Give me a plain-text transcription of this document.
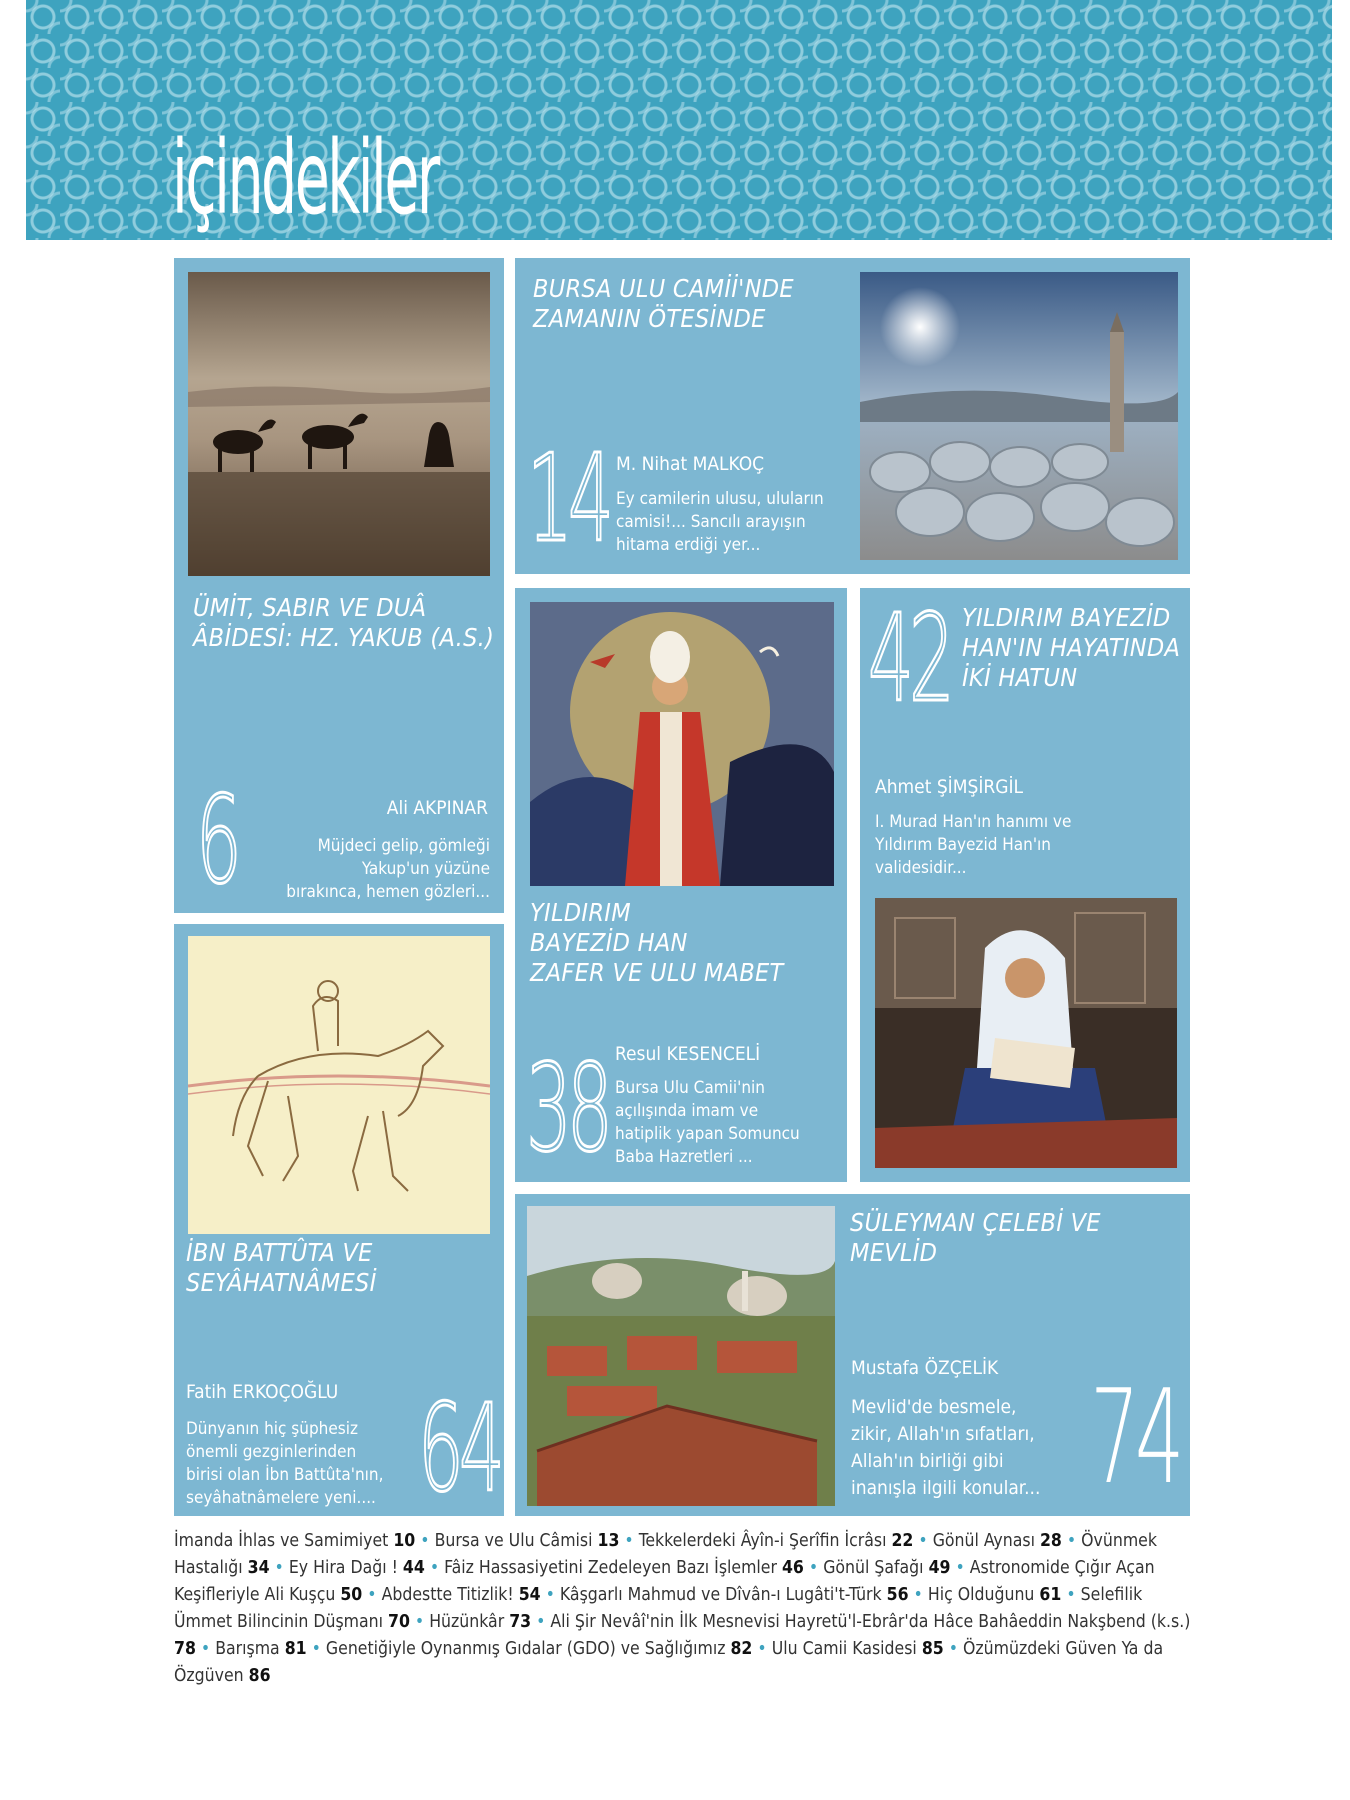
içindekiler
ÜMİT, SABIR VE DUÂ
ÂBİDESİ: HZ. YAKUB (A.S.)
6	Ali AKPINAR
Müjdeci gelip, gömleği
Yakup'un yüzüne
bırakınca, hemen gözleri...
BURSA ULU CAMİİ'NDE
ZAMANIN ÖTESİNDE
14 M. Nihat MALKOÇ
Ey camilerin ulusu, uluların
camisi!... Sancılı arayışın
hitama erdiği yer...
YILDIRIM
BAYEZİD HAN
ZAFER VE ULU MABET
38 Resul KESENCELİ
Bursa Ulu Camii'nin
açılışında imam ve
hatiplik yapan Somuncu
Baba Hazretleri ...
42 YILDIRIM BAYEZİD
HAN'IN HAYATINDA
İKİ HATUN
Ahmet ŞİMŞİRGİL
I. Murad Han'ın hanımı ve
Yıldırım Bayezid Han'ın
validesidir...
İBN BATTÛTA VE
SEYÂHATNÂMESİ
Fatih ERKOÇOĞLU
Dünyanın hiç şüphesiz
önemli gezginlerinden
birisi olan İbn Battûta'nın,
seyâhatnâmelere yeni.... 64
SÜLEYMAN ÇELEBİ VE
MEVLİD
Mustafa ÖZÇELİK
Mevlid'de besmele,
zikir, Allah'ın sıfatları,
Allah'ın birliği gibi
inanışla ilgili konular... 74
İmanda İhlas ve Samimiyet 10 • Bursa ve Ulu Câmisi 13 • Tekkelerdeki Âyîn-i Şerîfin İcrâsı 22 • Gönül Aynası 28 • Övünmek Hastalığı 34 • Ey Hira Dağı ! 44 • Fâiz Hassasiyetini Zedeleyen Bazı İşlemler 46 • Gönül Şafağı 49 • Astronomide Çığır Açan Keşifleriyle Ali Kuşçu 50 • Abdestte Titizlik! 54 • Kâşgarlı Mahmud ve Dîvân-ı Lugâti't-Türk 56 • Hiç Olduğunu 61 • Selefilik Ümmet Bilincinin Düşmanı 70 • Hüzünkâr 73 • Ali Şir Nevâî'nin İlk Mesnevisi Hayretü'l-Ebrâr'da Hâce Bahâeddin Nakşbend (k.s.) 78 • Barışma 81 • Genetiğiyle Oynanmış Gıdalar (GDO) ve Sağlığımız 82 • Ulu Camii Kasidesi 85 • Özümüzdeki Güven Ya da Özgüven 86
